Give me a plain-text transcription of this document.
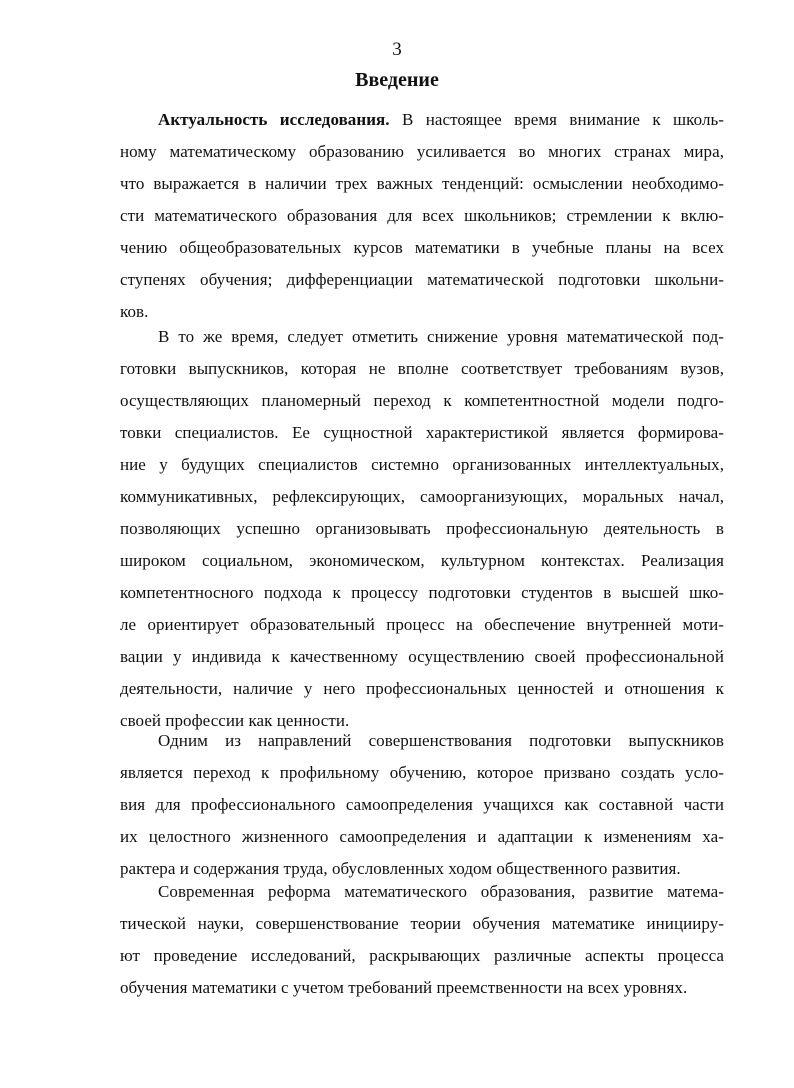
3
Введение
Актуальность исследования. В настоящее время внимание к школь-
ному математическому образованию усиливается во многих странах мира,
что выражается в наличии трех важных тенденций: осмыслении необходимо-
сти математического образования для всех школьников; стремлении к вклю-
чению общеобразовательных курсов математики в учебные планы на всех
ступенях обучения; дифференциации математической подготовки школьни-
ков.
В то же время, следует отметить снижение уровня математической под-
готовки выпускников, которая не вполне соответствует требованиям вузов,
осуществляющих планомерный переход к компетентностной модели подго-
товки специалистов. Ее сущностной характеристикой является формирова-
ние у будущих специалистов системно организованных интеллектуальных,
коммуникативных, рефлексирующих, самоорганизующих, моральных начал,
позволяющих успешно организовывать профессиональную деятельность в
широком социальном, экономическом, культурном контекстах. Реализация
компетентносного подхода к процессу подготовки студентов в высшей шко-
ле ориентирует образовательный процесс на обеспечение внутренней моти-
вации у индивида к качественному осуществлению своей профессиональной
деятельности, наличие у него профессиональных ценностей и отношения к
своей профессии как ценности.
Одним из направлений совершенствования подготовки выпускников
является переход к профильному обучению, которое призвано создать усло-
вия для профессионального самоопределения учащихся как составной части
их целостного жизненного самоопределения и адаптации к изменениям ха-
рактера и содержания труда, обусловленных ходом общественного развития.
Современная реформа математического образования, развитие матема-
тической науки, совершенствование теории обучения математике иницииру-
ют проведение исследований, раскрывающих различные аспекты процесса
обучения математики с учетом требований преемственности на всех уровнях.
